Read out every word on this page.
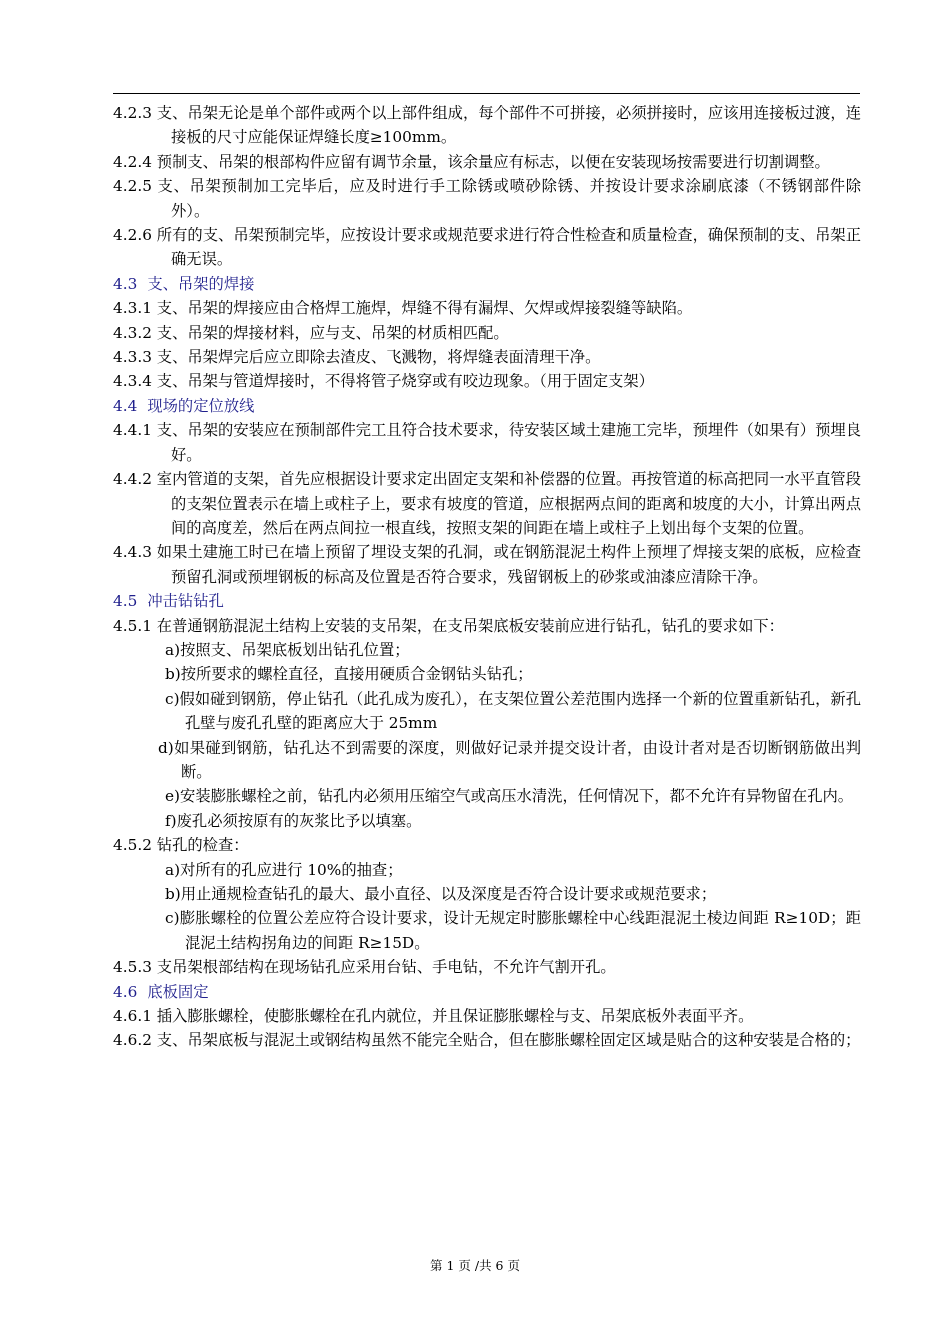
4.2.3 支、吊架无论是单个部件或两个以上部件组成，每个部件不可拼接，必须拼接时，应该用连接板过渡，连接板的尺寸应能保证焊缝长度≥100mm。
4.2.4 预制支、吊架的根部构件应留有调节余量，该余量应有标志，以便在安装现场按需要进行切割调整。
4.2.5 支、吊架预制加工完毕后，应及时进行手工除锈或喷砂除锈、并按设计要求涂刷底漆（不锈钢部件除外）。
4.2.6 所有的支、吊架预制完毕，应按设计要求或规范要求进行符合性检查和质量检查，确保预制的支、吊架正确无误。
4.3 支、吊架的焊接
4.3.1 支、吊架的焊接应由合格焊工施焊，焊缝不得有漏焊、欠焊或焊接裂缝等缺陷。
4.3.2 支、吊架的焊接材料，应与支、吊架的材质相匹配。
4.3.3 支、吊架焊完后应立即除去渣皮、飞溅物，将焊缝表面清理干净。
4.3.4 支、吊架与管道焊接时，不得将管子烧穿或有咬边现象。（用于固定支架）
4.4 现场的定位放线
4.4.1 支、吊架的安装应在预制部件完工且符合技术要求，待安装区域土建施工完毕，预埋件（如果有）预埋良好。
4.4.2 室内管道的支架，首先应根据设计要求定出固定支架和补偿器的位置。再按管道的标高把同一水平直管段的支架位置表示在墙上或柱子上，要求有坡度的管道，应根据两点间的距离和坡度的大小，计算出两点间的高度差，然后在两点间拉一根直线，按照支架的间距在墙上或柱子上划出每个支架的位置。
4.4.3 如果土建施工时已在墙上预留了埋设支架的孔洞，或在钢筋混泥土构件上预埋了焊接支架的底板，应检查预留孔洞或预埋钢板的标高及位置是否符合要求，残留钢板上的砂浆或油漆应清除干净。
4.5 冲击钻钻孔
4.5.1 在普通钢筋混泥土结构上安装的支吊架，在支吊架底板安装前应进行钻孔，钻孔的要求如下：
a)按照支、吊架底板划出钻孔位置；
b)按所要求的螺栓直径，直接用硬质合金钢钻头钻孔；
c)假如碰到钢筋，停止钻孔（此孔成为废孔），在支架位置公差范围内选择一个新的位置重新钻孔，新孔孔壁与废孔孔壁的距离应大于 25mm
d)如果碰到钢筋，钻孔达不到需要的深度，则做好记录并提交设计者，由设计者对是否切断钢筋做出判断。
e)安装膨胀螺栓之前，钻孔内必须用压缩空气或高压水清洗，任何情况下，都不允许有异物留在孔内。
f)废孔必须按原有的灰浆比予以填塞。
4.5.2 钻孔的检查：
a)对所有的孔应进行 10%的抽查；
b)用止通规检查钻孔的最大、最小直径、以及深度是否符合设计要求或规范要求；
c)膨胀螺栓的位置公差应符合设计要求，设计无规定时膨胀螺栓中心线距混泥土棱边间距 R≥10D；距混泥土结构拐角边的间距 R≥15D。
4.5.3 支吊架根部结构在现场钻孔应采用台钻、手电钻，不允许气割开孔。
4.6 底板固定
4.6.1 插入膨胀螺栓，使膨胀螺栓在孔内就位，并且保证膨胀螺栓与支、吊架底板外表面平齐。
4.6.2 支、吊架底板与混泥土或钢结构虽然不能完全贴合，但在膨胀螺栓固定区域是贴合的这种安装是合格的；
第 1 页 /共 6 页
